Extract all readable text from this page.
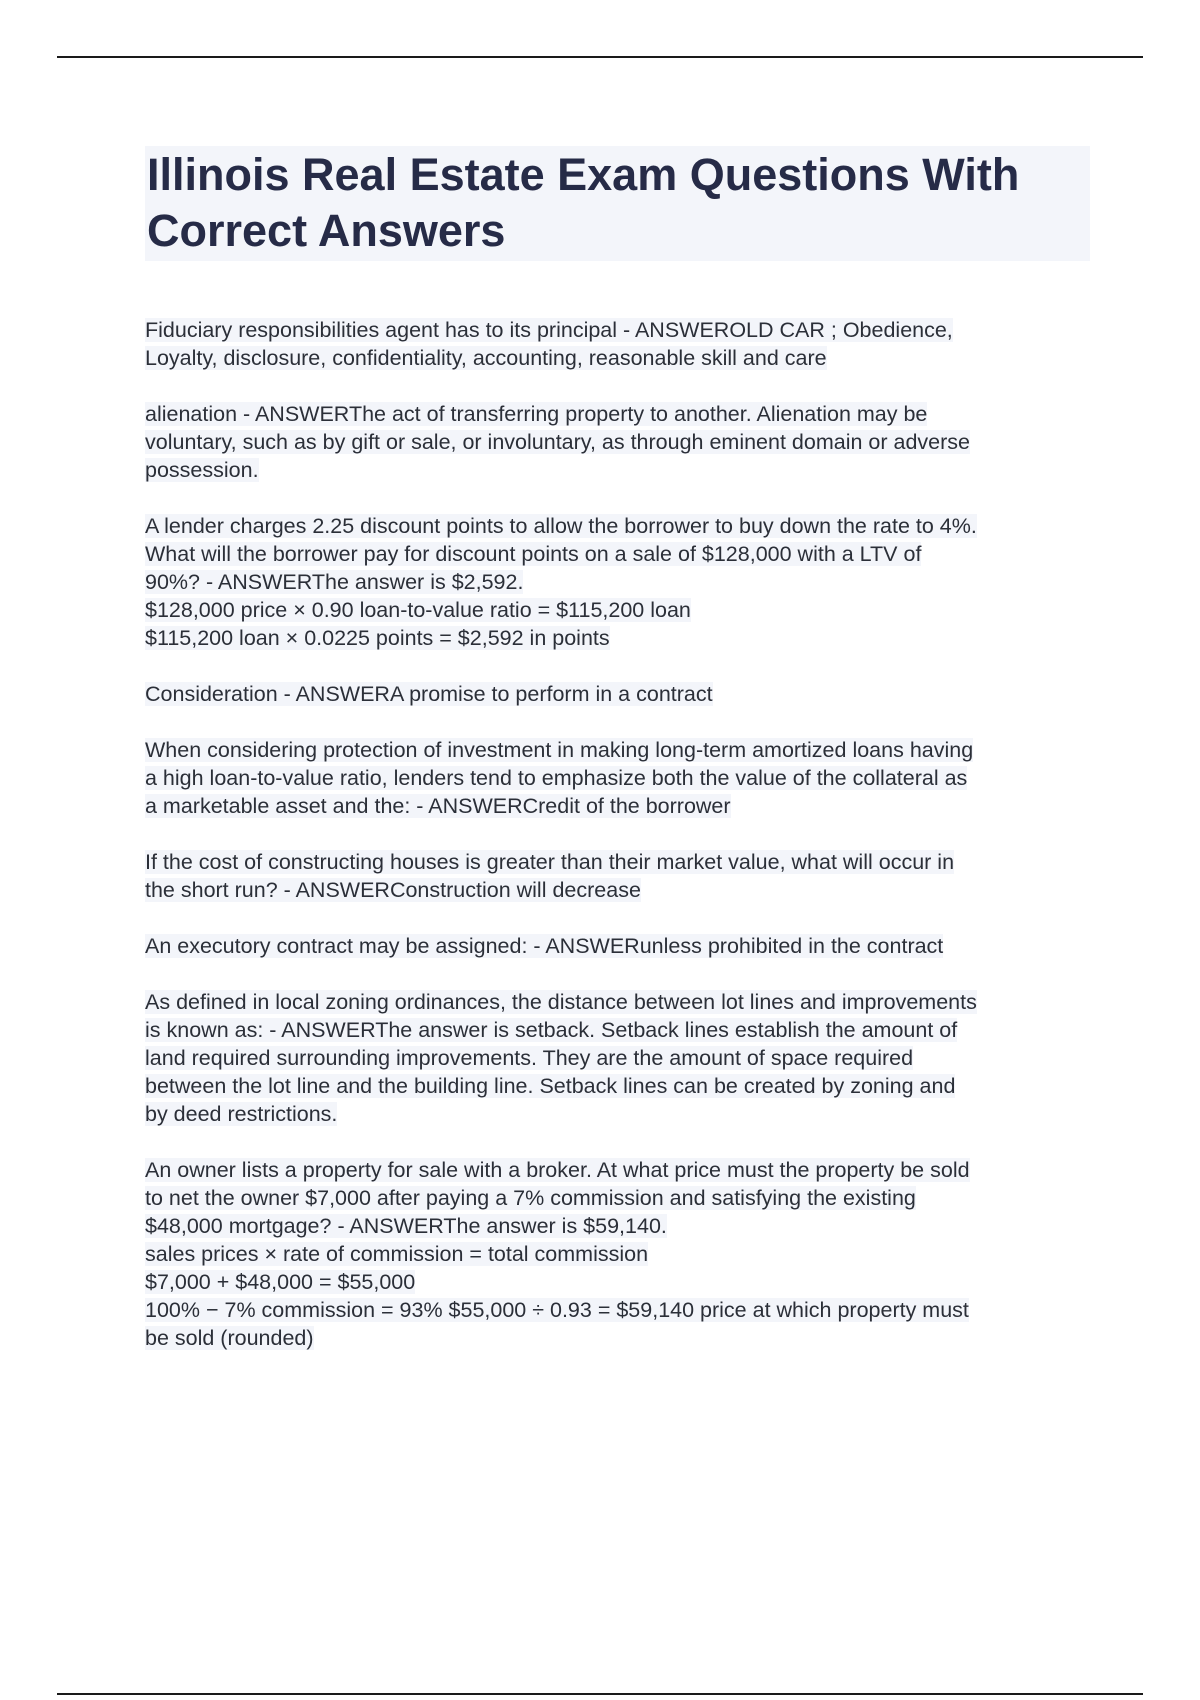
Illinois Real Estate Exam Questions With Correct Answers

Fiduciary responsibilities agent has to its principal - ANSWEROLD CAR ; Obedience,
Loyalty, disclosure, confidentiality, accounting, reasonable skill and care

alienation - ANSWERThe act of transferring property to another. Alienation may be
voluntary, such as by gift or sale, or involuntary, as through eminent domain or adverse
possession.

A lender charges 2.25 discount points to allow the borrower to buy down the rate to 4%.
What will the borrower pay for discount points on a sale of $128,000 with a LTV of
90%? - ANSWERThe answer is $2,592.
$128,000 price × 0.90 loan-to-value ratio = $115,200 loan
$115,200 loan × 0.0225 points = $2,592 in points

Consideration - ANSWERA promise to perform in a contract

When considering protection of investment in making long-term amortized loans having
a high loan-to-value ratio, lenders tend to emphasize both the value of the collateral as
a marketable asset and the: - ANSWERCredit of the borrower

If the cost of constructing houses is greater than their market value, what will occur in
the short run? - ANSWERConstruction will decrease

An executory contract may be assigned: - ANSWERunless prohibited in the contract

As defined in local zoning ordinances, the distance between lot lines and improvements
is known as: - ANSWERThe answer is setback. Setback lines establish the amount of
land required surrounding improvements. They are the amount of space required
between the lot line and the building line. Setback lines can be created by zoning and
by deed restrictions.

An owner lists a property for sale with a broker. At what price must the property be sold
to net the owner $7,000 after paying a 7% commission and satisfying the existing
$48,000 mortgage? - ANSWERThe answer is $59,140.
sales prices × rate of commission = total commission
$7,000 + $48,000 = $55,000
100% − 7% commission = 93% $55,000 ÷ 0.93 = $59,140 price at which property must
be sold (rounded)
